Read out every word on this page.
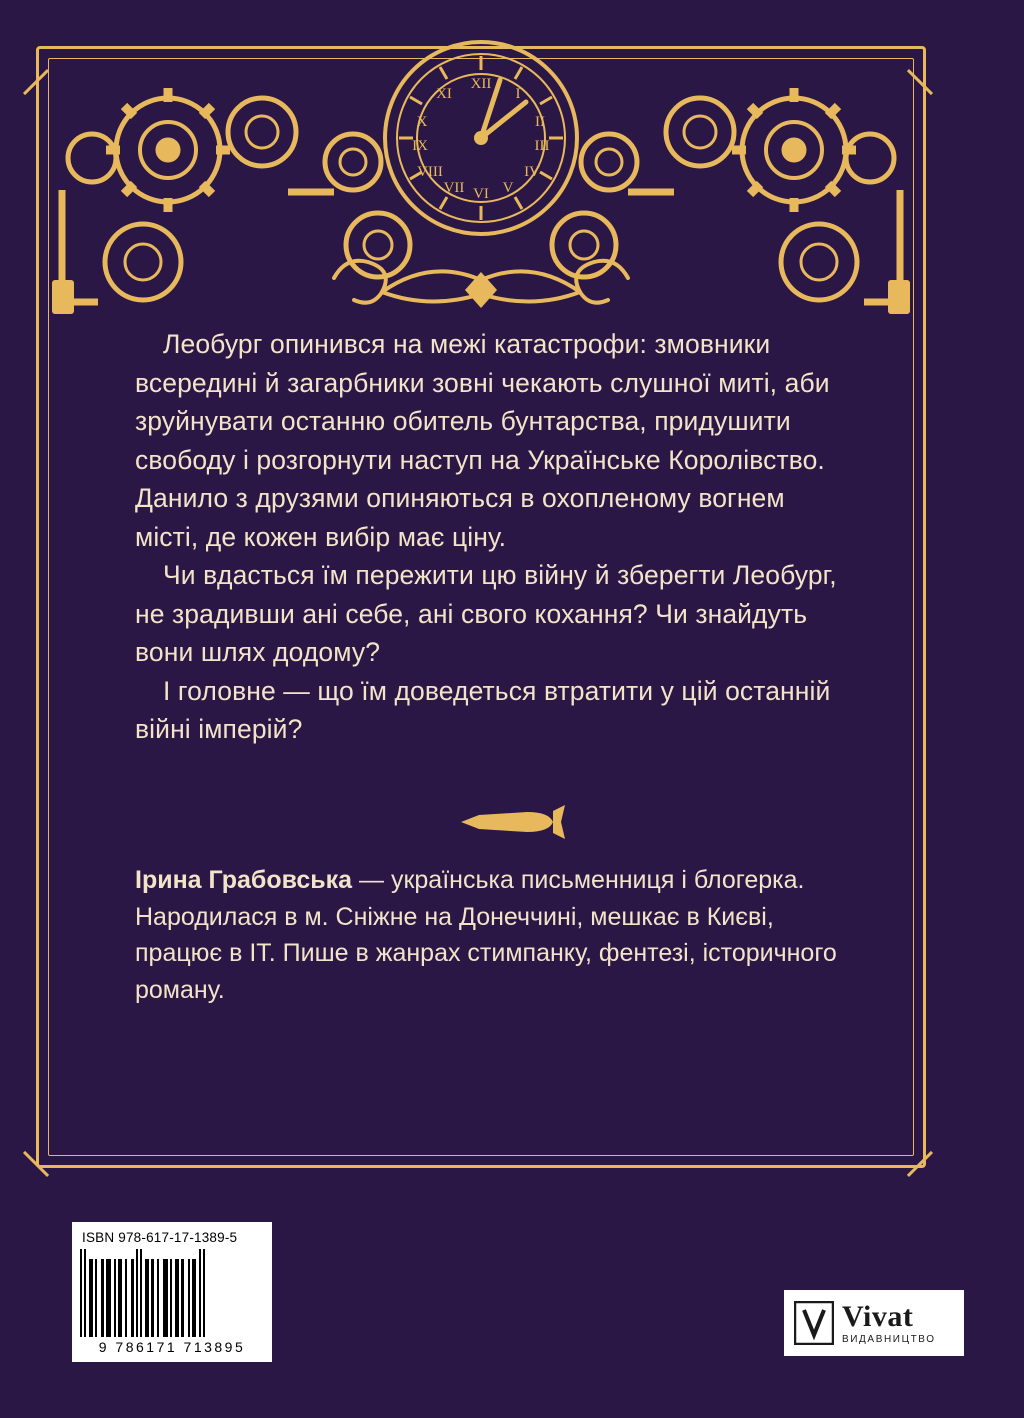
XII
I
II
III
IV
V
VI
VII
VIII
IX
X
XI

Леобург опинився на межі катастрофи: змовники всередині й загарбники зовні чекають слушної миті, аби зруйнувати останню обитель бунтарства, придушити свободу і розгорнути наступ на Українське Королівство. Данило з друзями опиняються в охопленому вогнем місті, де кожен вибір має ціну.

Чи вдасться їм пережити цю війну й зберегти Леобург, не зрадивши ані себе, ані свого кохання? Чи знайдуть вони шлях додому?

І головне — що їм доведеться втратити у цій останній війні імперій?

Ірина Грабовська — українська письменниця і блогерка. Народилася в м. Сніжне на Донеччині, мешкає в Києві, працює в ІТ. Пише в жанрах стимпанку, фентезі, історичного роману.
ISBN 978-617-17-1389-5
9 786171 713895
Vivat
ВИДАВНИЦТВО
